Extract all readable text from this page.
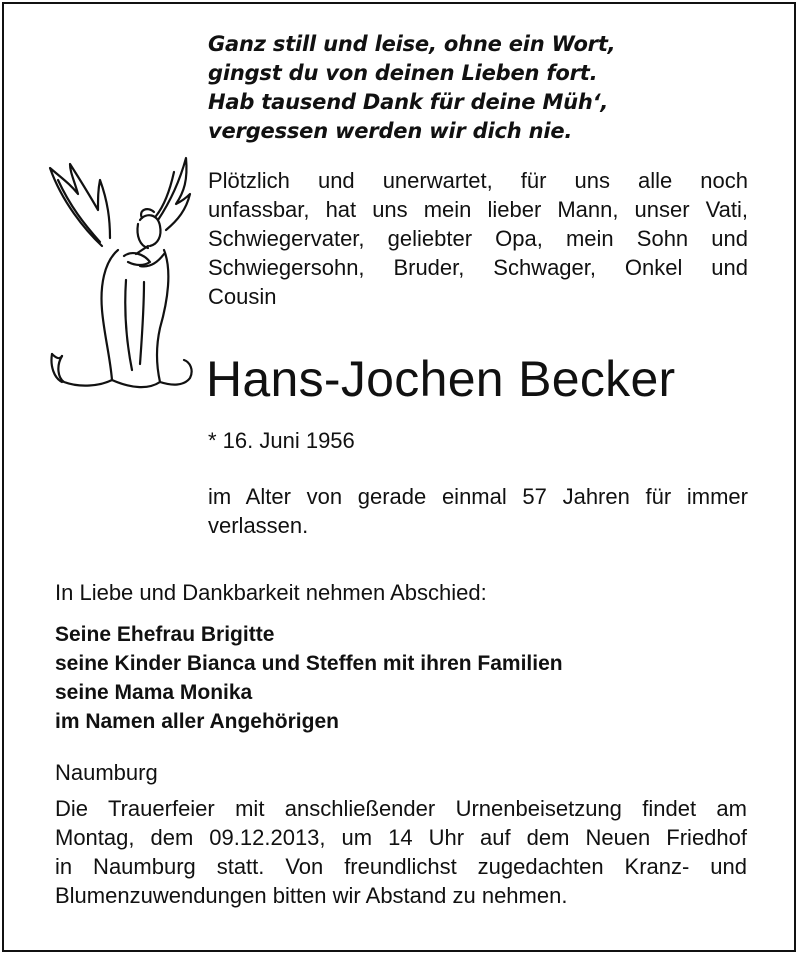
Ganz still und leise, ohne ein Wort,
gingst du von deinen Lieben fort.
Hab tausend Dank für deine Müh‘,
vergessen werden wir dich nie.
Plötzlich und unerwartet, für uns alle noch
unfassbar, hat uns mein lieber Mann, unser Vati,
Schwiegervater, geliebter Opa, mein Sohn und
Schwiegersohn, Bruder, Schwager, Onkel und
Cousin
Hans-Jochen Becker
* 16. Juni 1956
im Alter von gerade einmal 57 Jahren für immer
verlassen.
In Liebe und Dankbarkeit nehmen Abschied:
Seine Ehefrau Brigitte
seine Kinder Bianca und Steffen mit ihren Familien
seine Mama Monika
im Namen aller Angehörigen
Naumburg
Die Trauerfeier mit anschließender Urnenbeisetzung findet am
Montag, dem 09.12.2013, um 14 Uhr auf dem Neuen Friedhof
in Naumburg statt. Von freundlichst zugedachten Kranz- und
Blumenzuwendungen bitten wir Abstand zu nehmen.
